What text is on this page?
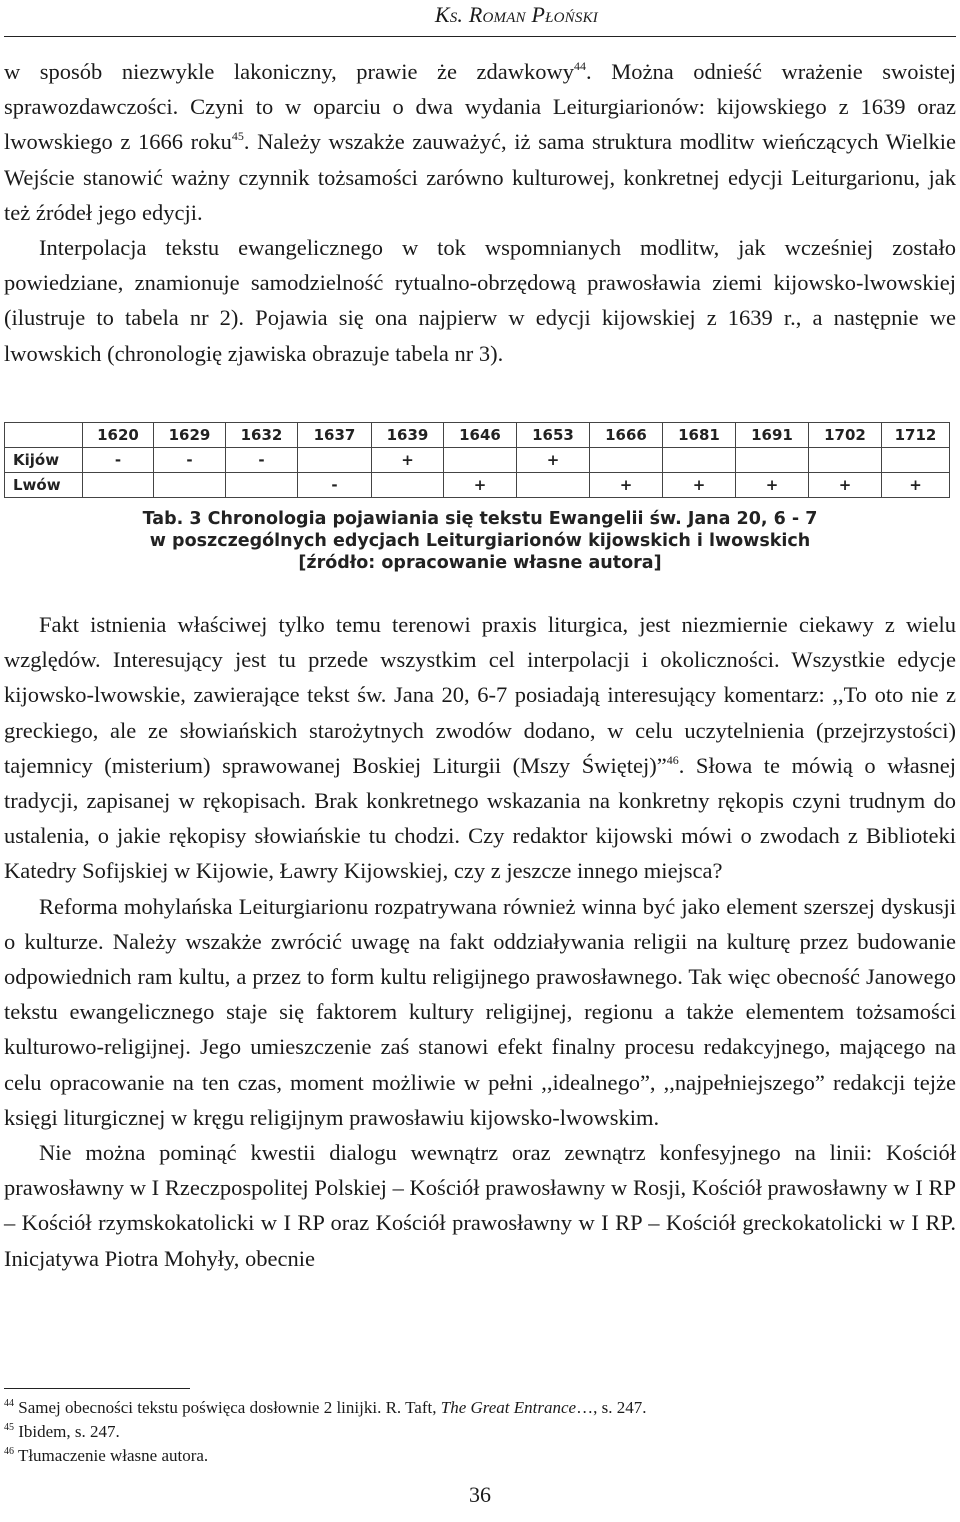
Ks. Roman Płoński

w sposób niezwykle lakoniczny, prawie że zdawkowy$^{44}$. Można odnieść wrażenie swoistej sprawozdawczości. Czyni to w oparciu o dwa wydania Leiturgiarionów: kijowskiego z 1639 oraz lwowskiego z 1666 roku$^{45}$. Należy wszakże zauważyć, iż sama struktura modlitw wieńczących Wielkie Wejście stanowić ważny czynnik tożsamości zarówno kulturowej, konkretnej edycji Leiturgarionu, jak też źródeł jego edycji.

Interpolacja tekstu ewangelicznego w tok wspomnianych modlitw, jak wcześniej zostało powiedziane, znamionuje samodzielność rytualno-obrzędową prawosławia ziemi kijowsko-lwowskiej (ilustruje to tabela nr 2). Pojawia się ona najpierw w edycji kijowskiej z 1639 r., a następnie we lwowskich (chronologię zjawiska obrazuje tabela nr 3).

	1620	1629	1632	1637	1639	1646	1653	1666	1681	1691	1702	1712
Kijów	-	-	-		+		+					
Lwów				-		+		+	+	+	+	+
Tab. 3 Chronologia pojawiania się tekstu Ewangelii św. Jana 20, 6 - 7
w poszczególnych edycjach Leiturgiarionów kijowskich i lwowskich
[źródło: opracowanie własne autora]

Fakt istnienia właściwej tylko temu terenowi praxis liturgica, jest niezmiernie ciekawy z wielu względów. Interesujący jest tu przede wszystkim cel interpolacji i okoliczności. Wszystkie edycje kijowsko-lwowskie, zawierające tekst św. Jana 20, 6-7 posiadają interesujący komentarz: ,,To oto nie z greckiego, ale ze słowiańskich starożytnych zwodów dodano, w celu uczytelnienia (przejrzystości) tajemnicy (misterium) sprawowanej Boskiej Liturgii (Mszy Świętej)”$^{46}$. Słowa te mówią o własnej tradycji, zapisanej w rękopisach. Brak konkretnego wskazania na konkretny rękopis czyni trudnym do ustalenia, o jakie rękopisy słowiańskie tu chodzi. Czy redaktor kijowski mówi o zwodach z Biblioteki Katedry Sofijskiej w Kijowie, Ławry Kijowskiej, czy z jeszcze innego miejsca?

Reforma mohylańska Leiturgiarionu rozpatrywana również winna być jako element szerszej dyskusji o kulturze. Należy wszakże zwrócić uwagę na fakt oddziaływania religii na kulturę przez budowanie odpowiednich ram kultu, a przez to form kultu religijnego prawosławnego. Tak więc obecność Janowego tekstu ewangelicznego staje się faktorem kultury religijnej, regionu a także elementem tożsamości kulturowo-religijnej. Jego umieszczenie zaś stanowi efekt finalny procesu redakcyjnego, mającego na celu opracowanie na ten czas, moment możliwie w pełni ,,idealnego”, ,,najpełniejszego” redakcji tejże księgi liturgicznej w kręgu religijnym prawosławiu kijowsko-lwowskim.

Nie można pominąć kwestii dialogu wewnątrz oraz zewnątrz konfesyjnego na linii: Kościół prawosławny w I Rzeczpospolitej Polskiej – Kościół prawosławny w Rosji, Kościół prawosławny w I RP – Kościół rzymskokatolicki w I RP oraz Kościół prawosławny w I RP – Kościół greckokatolicki w I RP. Inicjatywa Piotra Mohyły, obecnie

$^{44}$ Samej obecności tekstu poświęca dosłownie 2 linijki. R. Taft, The Great Entrance…, s. 247.
$^{45}$ Ibidem, s. 247.
$^{46}$ Tłumaczenie własne autora.
36
